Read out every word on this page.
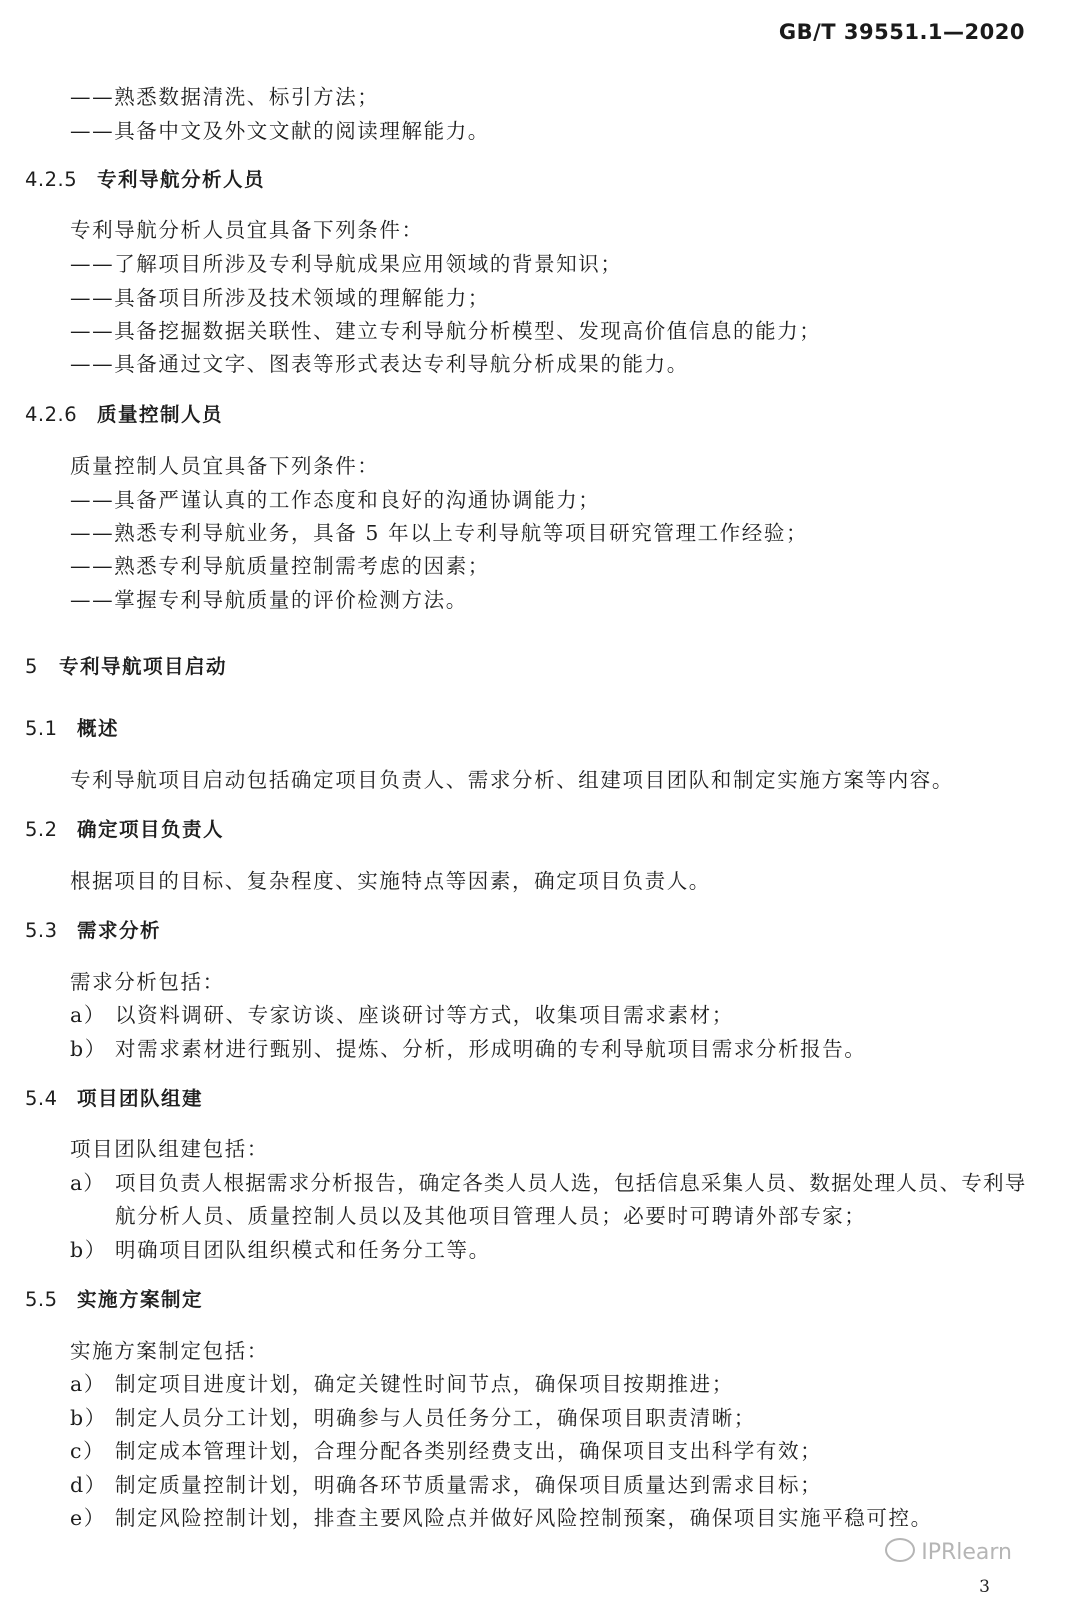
GB/T 39551.1—2020
——熟悉数据清洗、标引方法；
——具备中文及外文文献的阅读理解能力。
4.2.5 专利导航分析人员
专利导航分析人员宜具备下列条件：
——了解项目所涉及专利导航成果应用领域的背景知识；
——具备项目所涉及技术领域的理解能力；
——具备挖掘数据关联性、建立专利导航分析模型、发现高价值信息的能力；
——具备通过文字、图表等形式表达专利导航分析成果的能力。
4.2.6 质量控制人员
质量控制人员宜具备下列条件：
——具备严谨认真的工作态度和良好的沟通协调能力；
——熟悉专利导航业务，具备 5 年以上专利导航等项目研究管理工作经验；
——熟悉专利导航质量控制需考虑的因素；
——掌握专利导航质量的评价检测方法。
5 专利导航项目启动
5.1 概述
专利导航项目启动包括确定项目负责人、需求分析、组建项目团队和制定实施方案等内容。
5.2 确定项目负责人
根据项目的目标、复杂程度、实施特点等因素，确定项目负责人。
5.3 需求分析
需求分析包括：
a） 以资料调研、专家访谈、座谈研讨等方式，收集项目需求素材；
b） 对需求素材进行甄别、提炼、分析，形成明确的专利导航项目需求分析报告。
5.4 项目团队组建
项目团队组建包括：
a） 项目负责人根据需求分析报告，确定各类人员人选，包括信息采集人员、数据处理人员、专利导
航分析人员、质量控制人员以及其他项目管理人员；必要时可聘请外部专家；
b） 明确项目团队组织模式和任务分工等。
5.5 实施方案制定
实施方案制定包括：
a） 制定项目进度计划，确定关键性时间节点，确保项目按期推进；
b） 制定人员分工计划，明确参与人员任务分工，确保项目职责清晰；
c） 制定成本管理计划，合理分配各类别经费支出，确保项目支出科学有效；
d） 制定质量控制计划，明确各环节质量需求，确保项目质量达到需求目标；
e） 制定风险控制计划，排查主要风险点并做好风险控制预案，确保项目实施平稳可控。
IPRlearn
3
